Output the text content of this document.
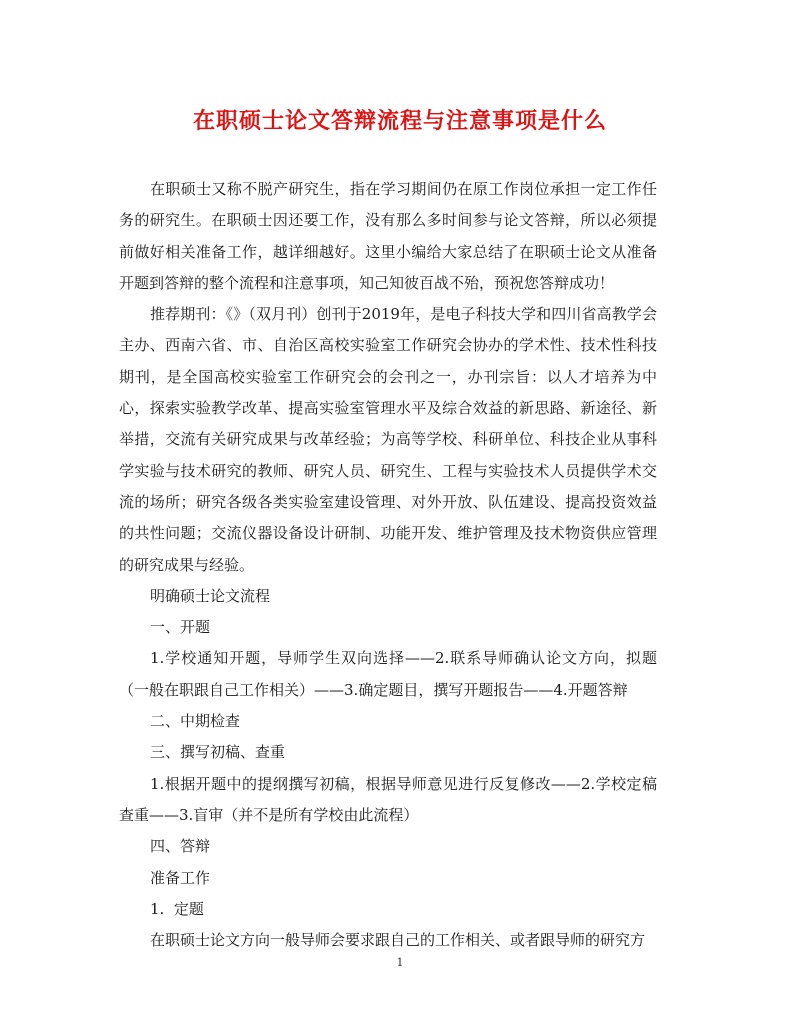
在职硕士论文答辩流程与注意事项是什么

在职硕士又称不脱产研究生，指在学习期间仍在原工作岗位承担一定工作任务的研究生。在职硕士因还要工作，没有那么多时间参与论文答辩，所以必须提前做好相关准备工作，越详细越好。这里小编给大家总结了在职硕士论文从准备开题到答辩的整个流程和注意事项，知己知彼百战不殆，预祝您答辩成功！

推荐期刊：《》（双月刊）创刊于2019年，是电子科技大学和四川省高教学会主办、西南六省、市、自治区高校实验室工作研究会协办的学术性、技术性科技期刊，是全国高校实验室工作研究会的会刊之一，办刊宗旨：以人才培养为中心，探索实验教学改革、提高实验室管理水平及综合效益的新思路、新途径、新举措，交流有关研究成果与改革经验；为高等学校、科研单位、科技企业从事科学实验与技术研究的教师、研究人员、研究生、工程与实验技术人员提供学术交流的场所；研究各级各类实验室建设管理、对外开放、队伍建设、提高投资效益的共性问题；交流仪器设备设计研制、功能开发、维护管理及技术物资供应管理的研究成果与经验。

明确硕士论文流程

一、开题

1.学校通知开题，导师学生双向选择——2.联系导师确认论文方向，拟题（一般在职跟自己工作相关）——3.确定题目，撰写开题报告——4.开题答辩

二、中期检查

三、撰写初稿、查重

1.根据开题中的提纲撰写初稿，根据导师意见进行反复修改——2.学校定稿查重——3.盲审（并不是所有学校由此流程）

四、答辩

准备工作

1.  定题

在职硕士论文方向一般导师会要求跟自己的工作相关、或者跟导师的研究方

1
